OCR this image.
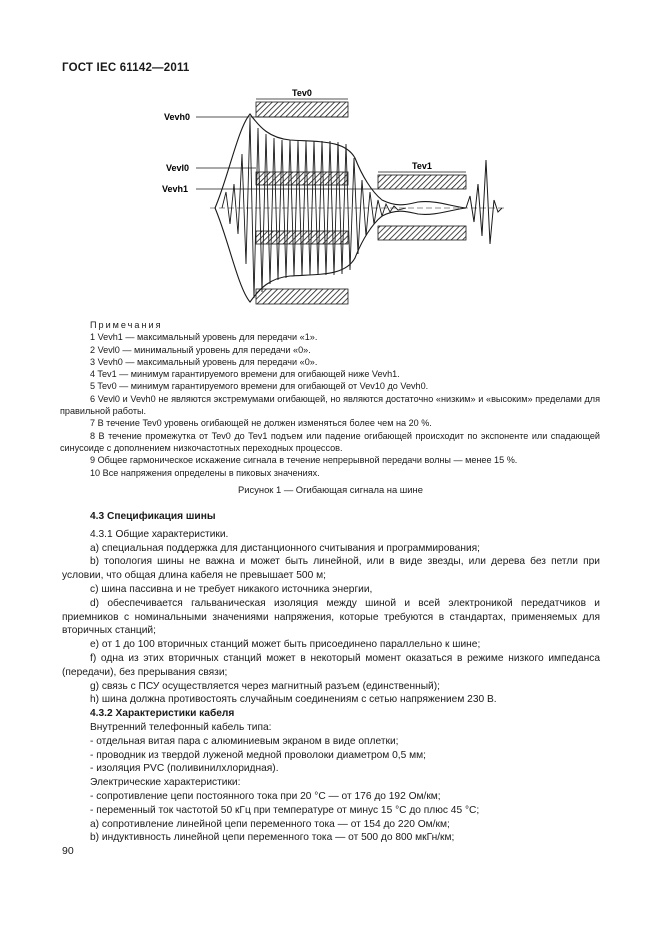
ГОСТ IEC 61142—2011
Vevh0
Vevl0
Vevh1
Tev0
Tev1
Примечания
1 Vevh1 — максимальный уровень для передачи «1».
2 Vevl0 — минимальный уровень для передачи «0».
3 Vevh0 — максимальный уровень для передачи «0».
4 Tev1 — минимум гарантируемого времени для огибающей ниже Vevh1.
5 Tev0 — минимум гарантируемого времени для огибающей от Vev10 до Vevh0.
6 Vevl0 и Vevh0 не являются экстремумами огибающей, но являются достаточно «низким» и «высоким» пределами для правильной работы.
7 В течение Tev0 уровень огибающей не должен изменяться более чем на 20 %.
8 В течение промежутка от Tev0 до Tev1 подъем или падение огибающей происходит по экспоненте или спадающей синусоиде с дополнением низкочастотных переходных процессов.
9 Общее гармоническое искажение сигнала в течение непрерывной передачи волны — менее 15 %.
10 Все напряжения определены в пиковых значениях.
Рисунок 1 — Огибающая сигнала на шине
4.3 Спецификация шины
4.3.1 Общие характеристики.
a) специальная поддержка для дистанционного считывания и программирования;
b) топология шины не важна и может быть линейной, или в виде звезды, или дерева без петли при условии, что общая длина кабеля не превышает 500 м;
c) шина пассивна и не требует никакого источника энергии,
d) обеспечивается гальваническая изоляция между шиной и всей электроникой передатчиков и приемников с номинальными значениями напряжения, которые требуются в стандартах, применяемых для вторичных станций;
e) от 1 до 100 вторичных станций может быть присоединено параллельно к шине;
f) одна из этих вторичных станций может в некоторый момент оказаться в режиме низкого импеданса (передачи), без прерывания связи;
g) связь с ПСУ осуществляется через магнитный разъем (единственный);
h) шина должна противостоять случайным соединениям с сетью напряжением 230 В.
4.3.2 Характеристики кабеля
Внутренний телефонный кабель типа:
- отдельная витая пара с алюминиевым экраном в виде оплетки;
- проводник из твердой луженой медной проволоки диаметром 0,5 мм;
- изоляция PVC (поливинилхлоридная).
Электрические характеристики:
- сопротивление цепи постоянного тока при 20 °C — от 176 до 192 Ом/км;
- переменный ток частотой 50 кГц при температуре от минус 15 °C до плюс 45 °C;
a) сопротивление линейной цепи переменного тока — от 154 до 220 Ом/км;
b) индуктивность линейной цепи переменного тока — от 500 до 800 мкГн/км;
90
